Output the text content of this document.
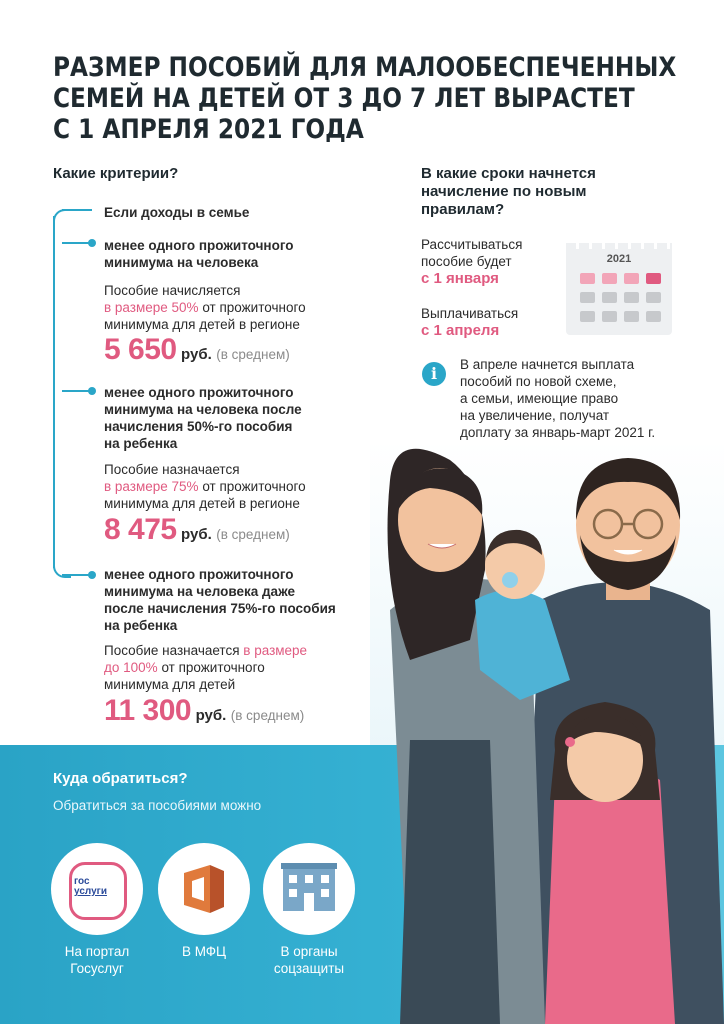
РАЗМЕР ПОСОБИЙ ДЛЯ МАЛООБЕСПЕЧЕННЫХ
СЕМЕЙ НА ДЕТЕЙ ОТ 3 ДО 7 ЛЕТ ВЫРАСТЕТ
С 1 АПРЕЛЯ 2021 ГОДА
Какие критерии?
Если доходы в семье
менее одного прожиточного
минимума на человека
Пособие начисляется
в размере 50% от прожиточного
минимума для детей в регионе
5 650 руб. (в среднем)
менее одного прожиточного
минимума на человека после
начисления 50%-го пособия
на ребенка
Пособие назначается
в размере 75% от прожиточного
минимума для детей в регионе
8 475 руб. (в среднем)
менее одного прожиточного
минимума на человека даже
после начисления 75%-го пособия
на ребенка
Пособие назначается в размере
до 100% от прожиточного
минимума для детей
11 300 руб. (в среднем)
В какие сроки начнется
начисление по новым
правилам?
Рассчитываться
пособие будет
с 1 января
Выплачиваться
с 1 апреля
2021
i	В апреле начнется выплата
пособий по новой схеме,
а семьи, имеющие право
на увеличение, получат
доплату за январь-март 2021 г.
Куда обратиться?
Обратиться за пособиями можно
гос
услуги
На портал
Госуслуг
В МФЦ	В органы
соцзащиты
